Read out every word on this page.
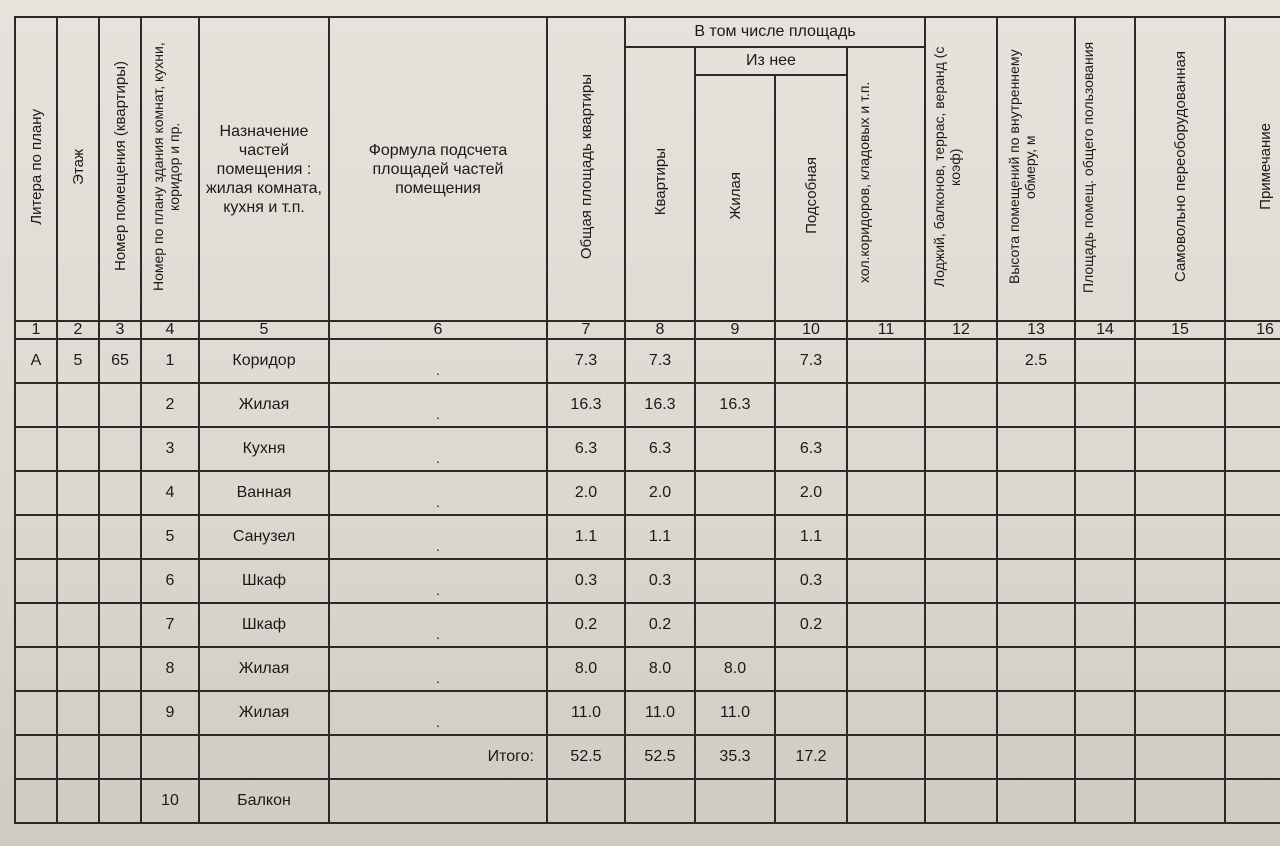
Литера по плану	Этаж	Номер помещения (квартиры)	Номер по плану здания комнат, кухни, коридор и пр.	Назначение частей помещения : жилая комната, кухня и т.п.	Формула подсчета площадей частей помещения	Общая площадь квартиры	В том числе площадь				Лоджий, балконов, террас, веранд (с коэф)	Высота помещений по внутреннему обмеру, м	Площадь помещ. общего пользования	Самовольно переоборудованная	Примечание
							Квартиры	Из нее		хол.коридоров, кладовых и т.п.					
								Жилая	Подсобная						
1	2	3	4	5	6	7	8	9	10	11	12	13	14	15	16
А	5	65	1	Коридор	.	7.3	7.3		7.3			2.5			
			2	Жилая	.	16.3	16.3	16.3							
			3	Кухня	.	6.3	6.3		6.3						
			4	Ванная	.	2.0	2.0		2.0						
			5	Санузел	.	1.1	1.1		1.1						
			6	Шкаф	.	0.3	0.3		0.3						
			7	Шкаф	.	0.2	0.2		0.2						
			8	Жилая	.	8.0	8.0	8.0							
			9	Жилая	.	11.0	11.0	11.0							
					Итого:	52.5	52.5	35.3	17.2						
			10	Балкон											
